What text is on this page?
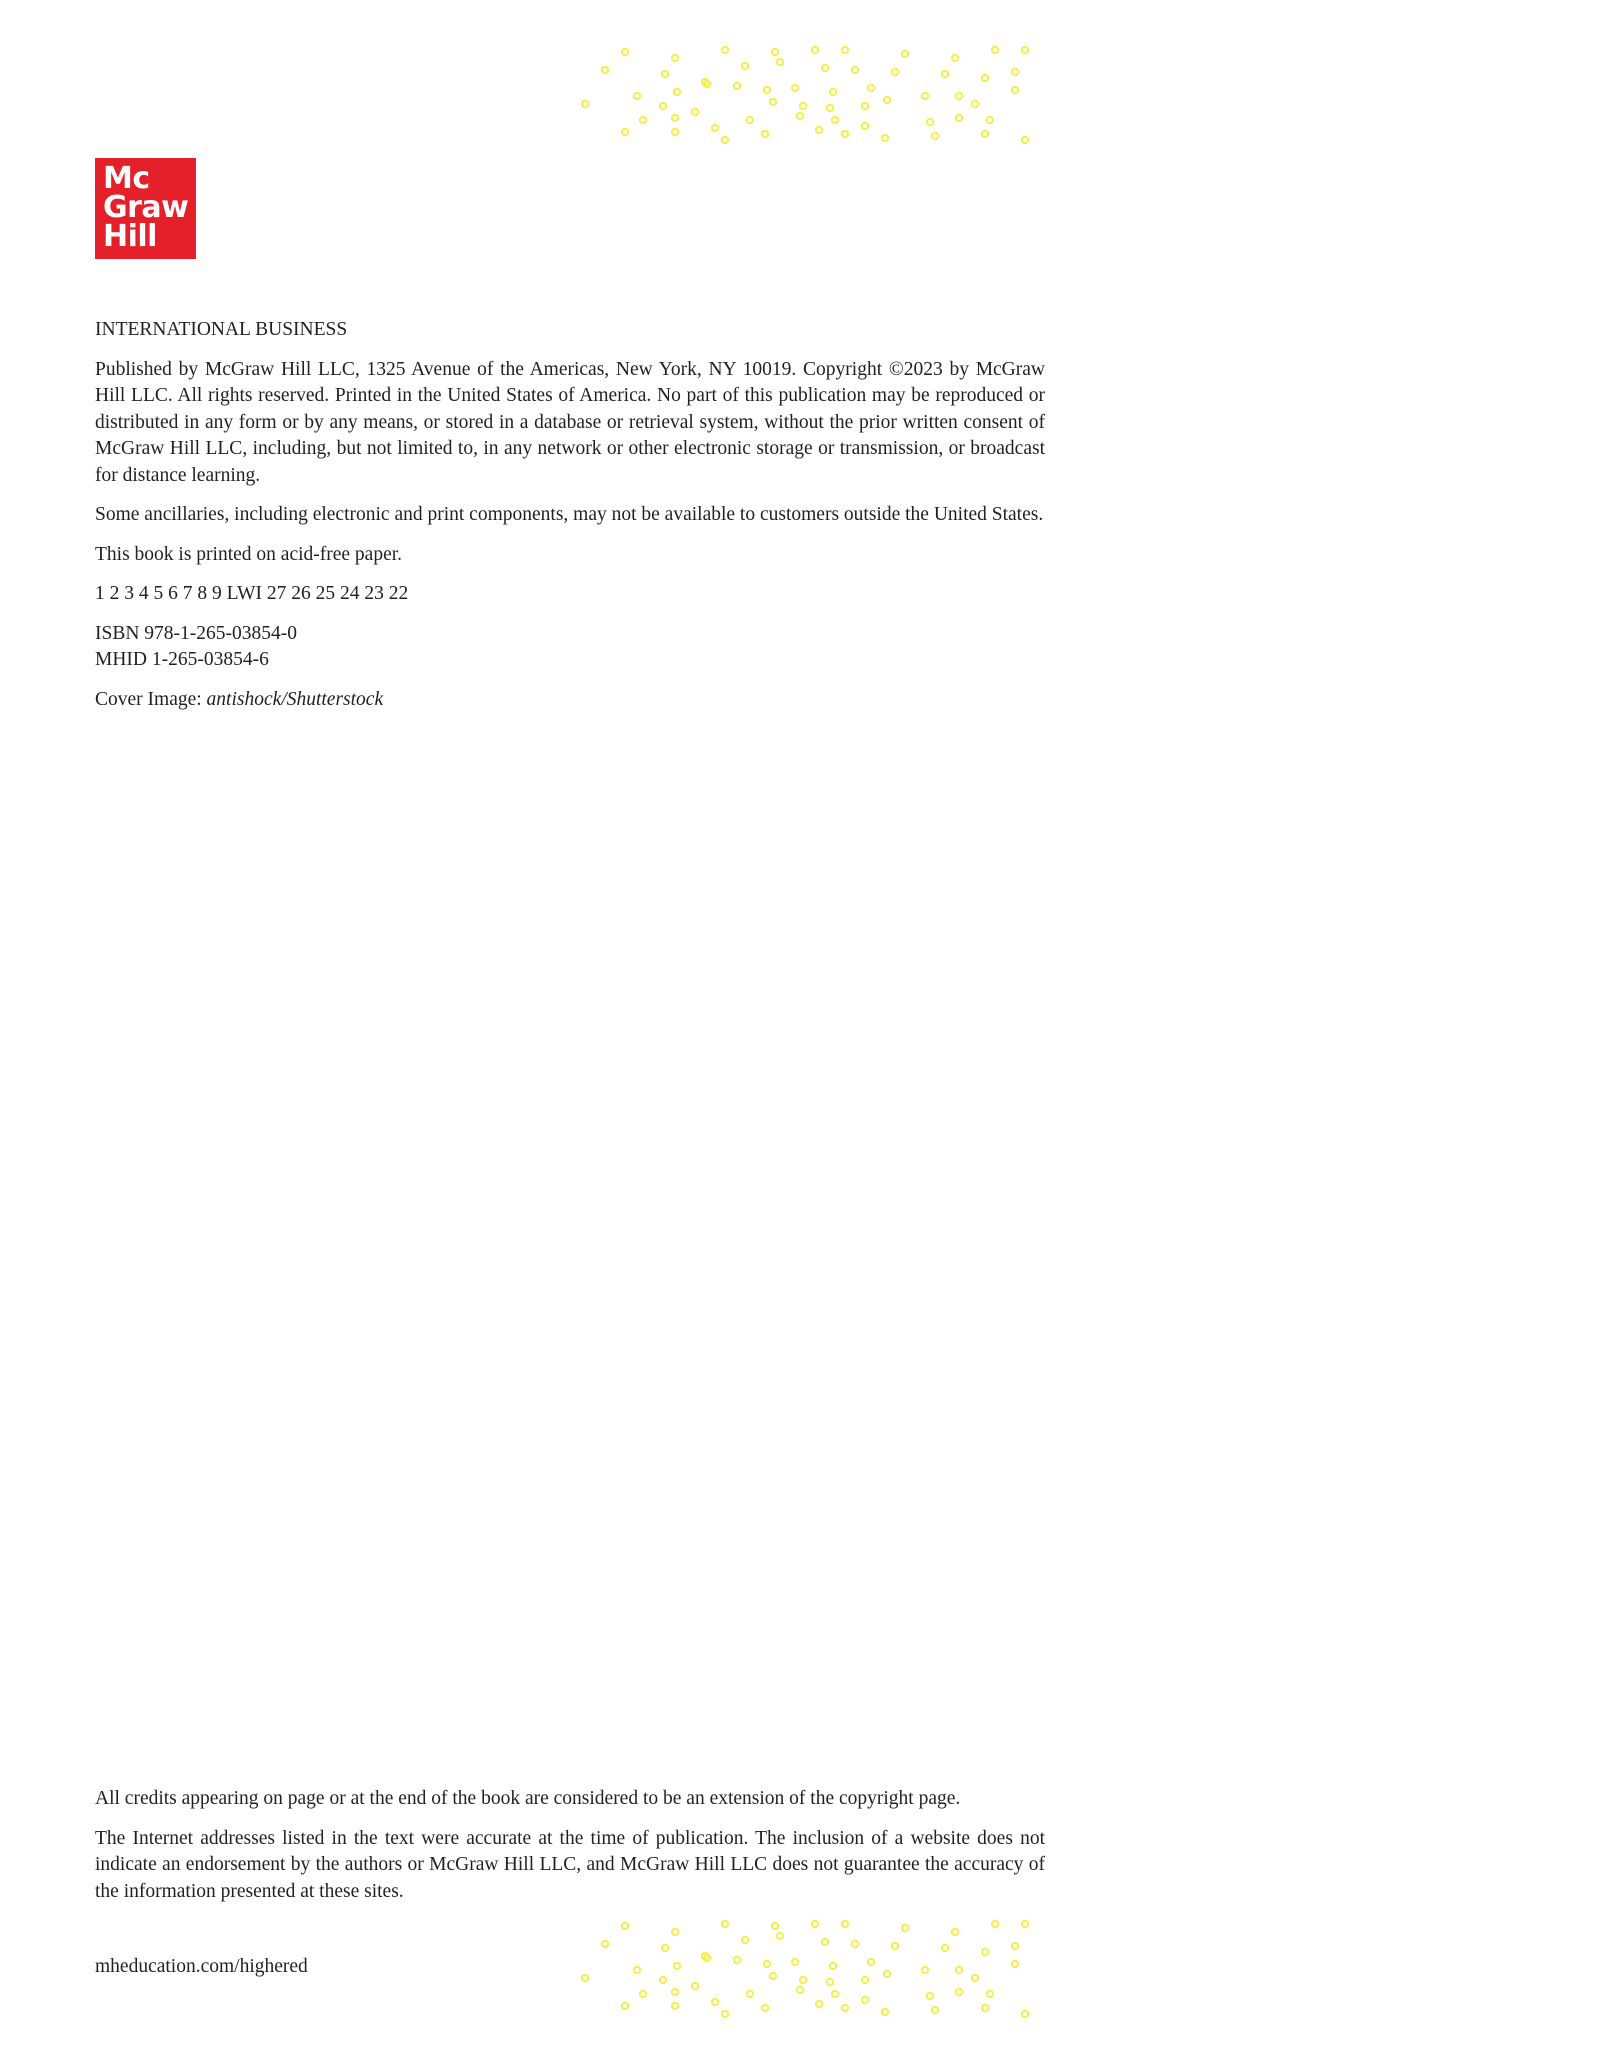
Mc
Graw
Hill

INTERNATIONAL BUSINESS

Published by McGraw Hill LLC, 1325 Avenue of the Americas, New York, NY 10019. Copyright ©2023 by McGraw Hill LLC. All rights reserved. Printed in the United States of America. No part of this publication may be reproduced or distributed in any form or by any means, or stored in a database or retrieval system, without the prior written consent of McGraw Hill LLC, including, but not limited to, in any network or other electronic storage or transmission, or broadcast for distance learning.

Some ancillaries, including electronic and print components, may not be available to customers outside the United States.

This book is printed on acid-free paper.

1 2 3 4 5 6 7 8 9 LWI 27 26 25 24 23 22

ISBN 978-1-265-03854-0
MHID 1-265-03854-6

Cover Image: antishock/Shutterstock

All credits appearing on page or at the end of the book are considered to be an extension of the copyright page.

The Internet addresses listed in the text were accurate at the time of publication. The inclusion of a website does not indicate an endorsement by the authors or McGraw Hill LLC, and McGraw Hill LLC does not guarantee the accuracy of the information presented at these sites.

mheducation.com/highered
